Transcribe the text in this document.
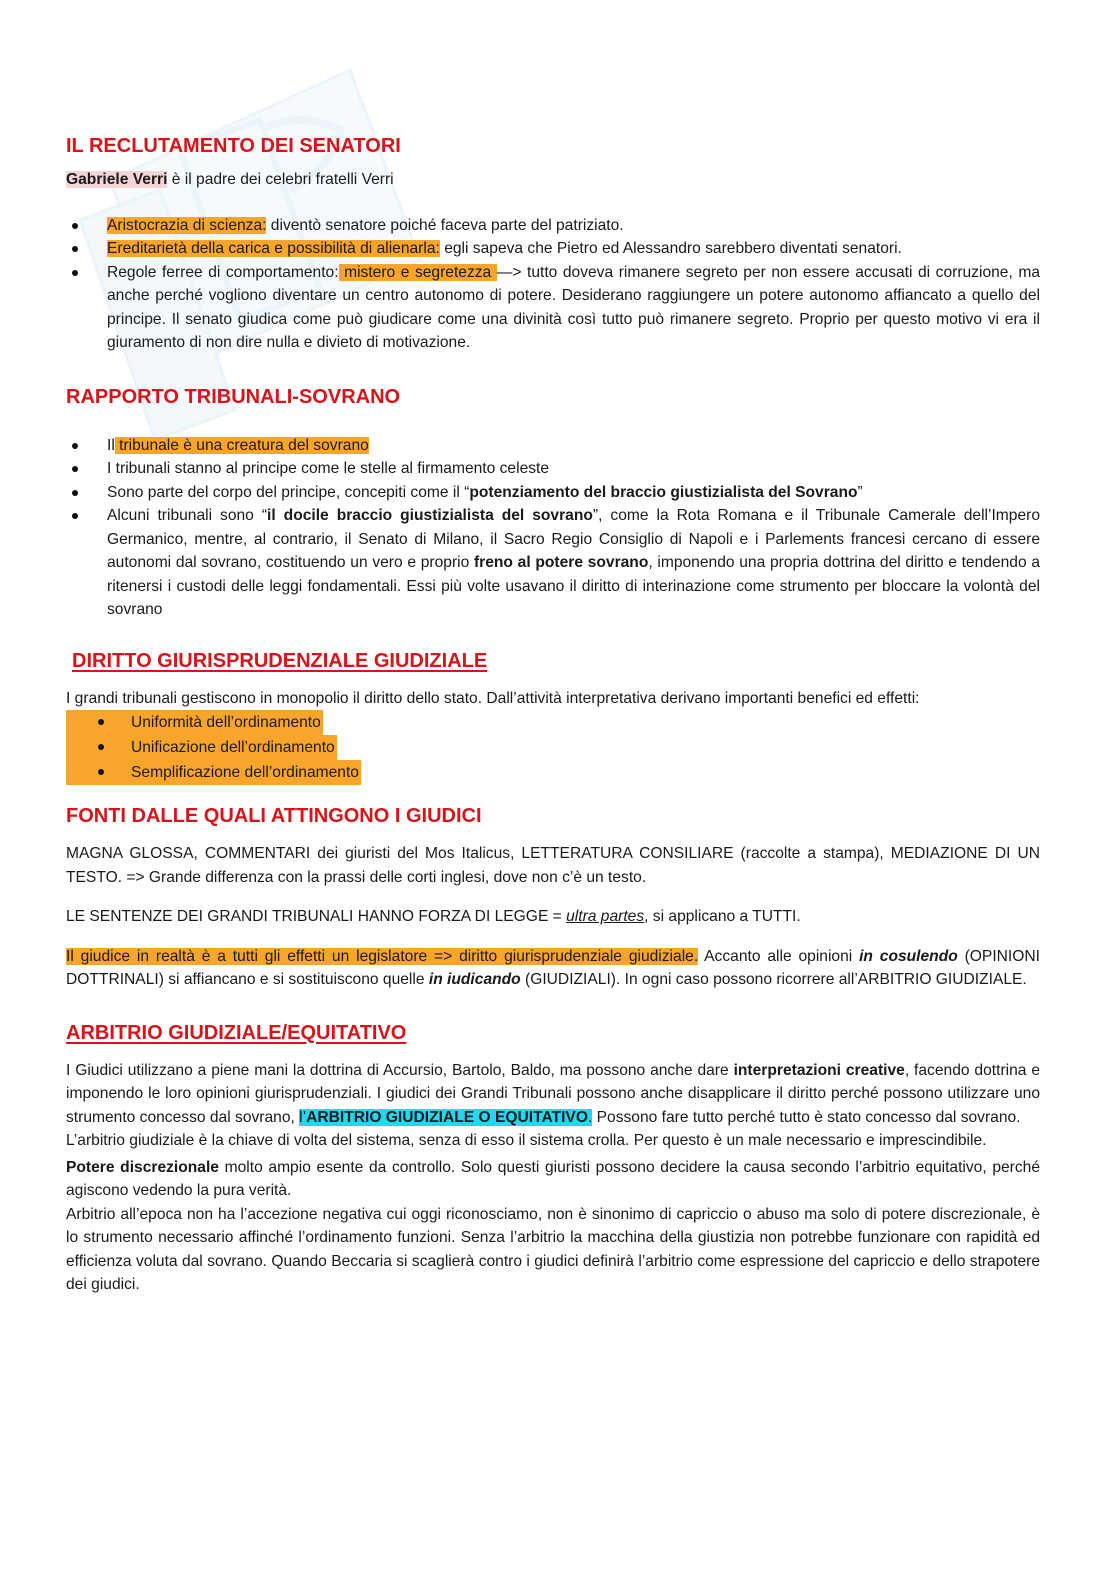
IL RECLUTAMENTO DEI SENATORI

Gabriele Verri è il padre dei celebri fratelli Verri

Aristocrazia di scienza: diventò senatore poiché faceva parte del patriziato.
Ereditarietà della carica e possibilità di alienarla: egli sapeva che Pietro ed Alessandro sarebbero diventati senatori.
Regole ferree di comportamento: mistero e segretezza —> tutto doveva rimanere segreto per non essere accusati di corruzione, ma anche perché vogliono diventare un centro autonomo di potere. Desiderano raggiungere un potere autonomo affiancato a quello del principe. Il senato giudica come può giudicare come una divinità così tutto può rimanere segreto. Proprio per questo motivo vi era il giuramento di non dire nulla e divieto di motivazione.
RAPPORTO TRIBUNALI-SOVRANO
Il tribunale è una creatura del sovrano
I tribunali stanno al principe come le stelle al firmamento celeste
Sono parte del corpo del principe, concepiti come il “potenziamento del braccio giustizialista del Sovrano”
Alcuni tribunali sono “il docile braccio giustizialista del sovrano”, come la Rota Romana e il Tribunale Camerale dell’Impero Germanico, mentre, al contrario, il Senato di Milano, il Sacro Regio Consiglio di Napoli e i Parlements francesi cercano di essere autonomi dal sovrano, costituendo un vero e proprio freno al potere sovrano, imponendo una propria dottrina del diritto e tendendo a ritenersi i custodi delle leggi fondamentali. Essi più volte usavano il diritto di interinazione come strumento per bloccare la volontà del sovrano
DIRITTO GIURISPRUDENZIALE GIUDIZIALE

I grandi tribunali gestiscono in monopolio il diritto dello stato. Dall’attività interpretativa derivano importanti benefici ed effetti:

Uniformità dell’ordinamento
Unificazione dell’ordinamento
Semplificazione dell’ordinamento
FONTI DALLE QUALI ATTINGONO I GIUDICI

MAGNA GLOSSA, COMMENTARI dei giuristi del Mos Italicus, LETTERATURA CONSILIARE (raccolte a stampa), MEDIAZIONE DI UN TESTO. => Grande differenza con la prassi delle corti inglesi, dove non c’è un testo.

LE SENTENZE DEI GRANDI TRIBUNALI HANNO FORZA DI LEGGE = ultra partes, si applicano a TUTTI.

Il giudice in realtà è a tutti gli effetti un legislatore => diritto giurisprudenziale giudiziale. Accanto alle opinioni in cosulendo (OPINIONI DOTTRINALI) si affiancano e si sostituiscono quelle in iudicando (GIUDIZIALI). In ogni caso possono ricorrere all’ARBITRIO GIUDIZIALE.

ARBITRIO GIUDIZIALE/EQUITATIVO

I Giudici utilizzano a piene mani la dottrina di Accursio, Bartolo, Baldo, ma possono anche dare interpretazioni creative, facendo dottrina e imponendo le loro opinioni giurisprudenziali. I giudici dei Grandi Tribunali possono anche disapplicare il diritto perché possono utilizzare uno strumento concesso dal sovrano, l’ARBITRIO GIUDIZIALE O EQUITATIVO. Possono fare tutto perché tutto è stato concesso dal sovrano.

L’arbitrio giudiziale è la chiave di volta del sistema, senza di esso il sistema crolla. Per questo è un male necessario e imprescindibile.

Potere discrezionale molto ampio esente da controllo. Solo questi giuristi possono decidere la causa secondo l’arbitrio equitativo, perché agiscono vedendo la pura verità.

Arbitrio all’epoca non ha l’accezione negativa cui oggi riconosciamo, non è sinonimo di capriccio o abuso ma solo di potere discrezionale, è lo strumento necessario affinché l’ordinamento funzioni. Senza l’arbitrio la macchina della giustizia non potrebbe funzionare con rapidità ed efficienza voluta dal sovrano. Quando Beccaria si scaglierà contro i giudici definirà l’arbitrio come espressione del capriccio e dello strapotere dei giudici.
